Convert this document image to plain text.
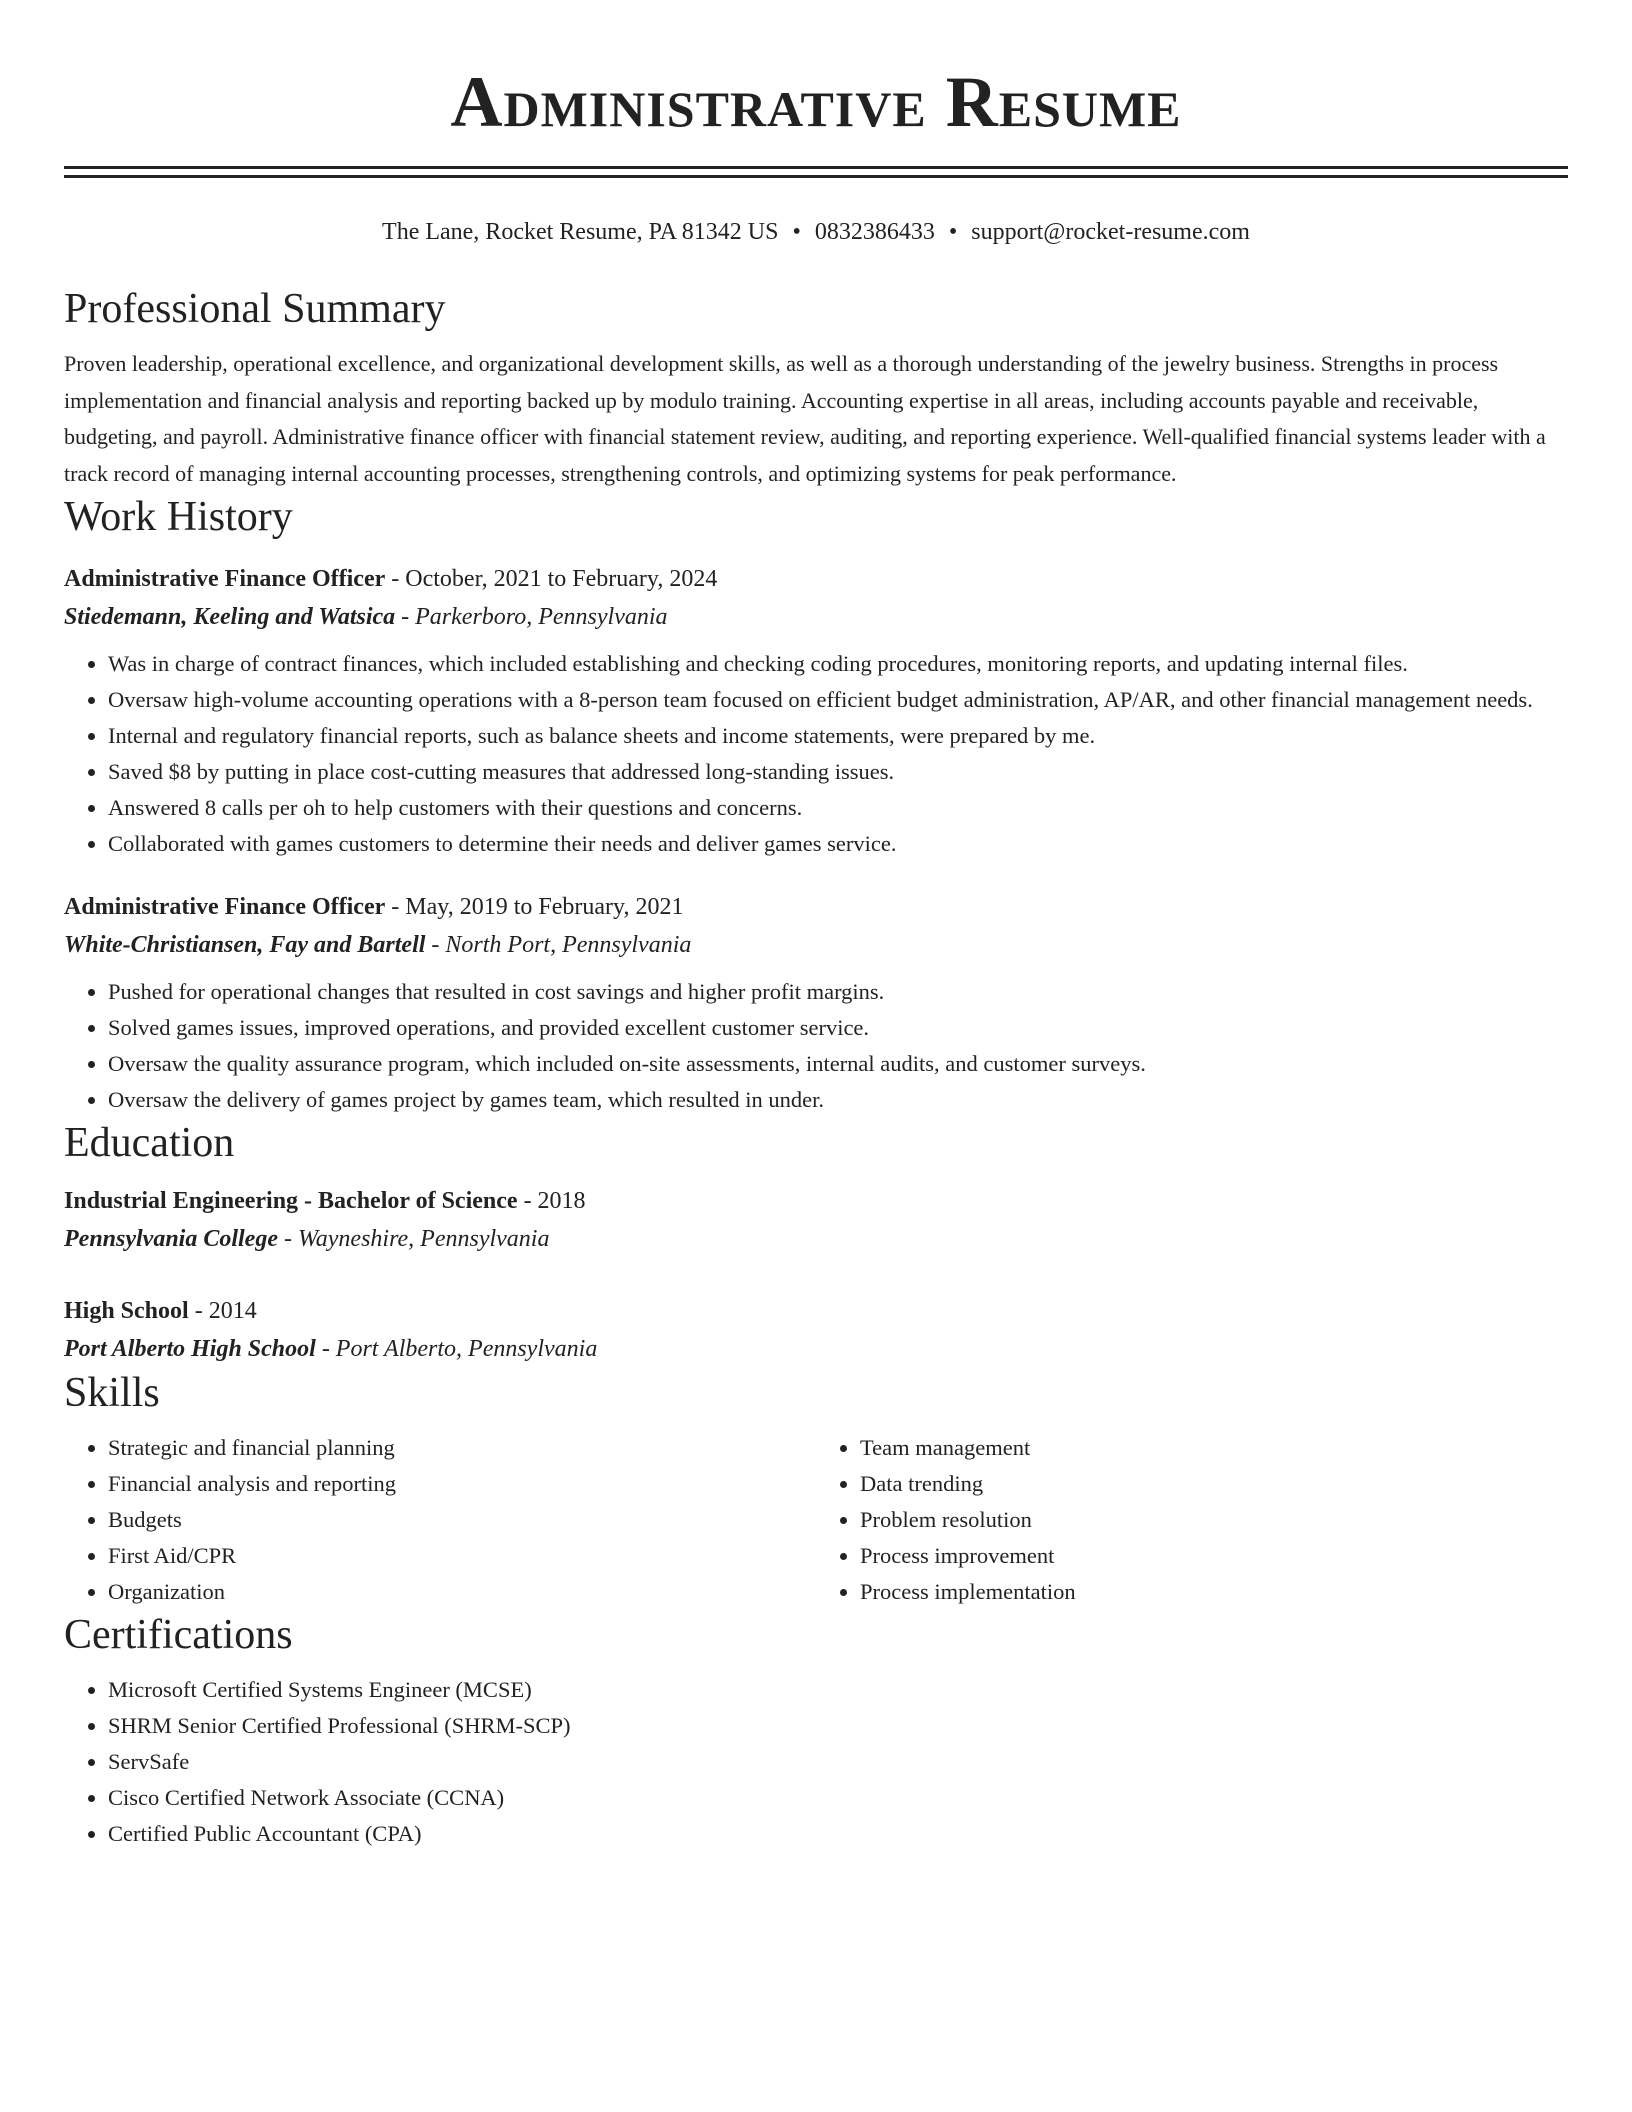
Administrative Resume
The Lane, Rocket Resume, PA 81342 US • 0832386433 • support@rocket-resume.com
Professional Summary

Proven leadership, operational excellence, and organizational development skills, as well as a thorough understanding of the jewelry business. Strengths in process implementation and financial analysis and reporting backed up by modulo training. Accounting expertise in all areas, including accounts payable and receivable, budgeting, and payroll. Administrative finance officer with financial statement review, auditing, and reporting experience. Well-qualified financial systems leader with a track record of managing internal accounting processes, strengthening controls, and optimizing systems for peak performance.

Work History
Administrative Finance Officer - October, 2021 to February, 2024
Stiedemann, Keeling and Watsica - Parkerboro, Pennsylvania
• Was in charge of contract finances, which included establishing and checking coding procedures, monitoring reports, and updating internal files.
• Oversaw high-volume accounting operations with a 8-person team focused on efficient budget administration, AP/AR, and other financial management needs.
• Internal and regulatory financial reports, such as balance sheets and income statements, were prepared by me.
• Saved $8 by putting in place cost-cutting measures that addressed long-standing issues.
• Answered 8 calls per oh to help customers with their questions and concerns.
• Collaborated with games customers to determine their needs and deliver games service.
Administrative Finance Officer - May, 2019 to February, 2021
White-Christiansen, Fay and Bartell - North Port, Pennsylvania
• Pushed for operational changes that resulted in cost savings and higher profit margins.
• Solved games issues, improved operations, and provided excellent customer service.
• Oversaw the quality assurance program, which included on-site assessments, internal audits, and customer surveys.
• Oversaw the delivery of games project by games team, which resulted in under.
Education
Industrial Engineering - Bachelor of Science - 2018
Pennsylvania College - Wayneshire, Pennsylvania
High School - 2014
Port Alberto High School - Port Alberto, Pennsylvania
Skills
• Strategic and financial planning
• Financial analysis and reporting
• Budgets
• First Aid/CPR
• Organization
• Team management
• Data trending
• Problem resolution
• Process improvement
• Process implementation
Certifications
• Microsoft Certified Systems Engineer (MCSE)
• SHRM Senior Certified Professional (SHRM-SCP)
• ServSafe
• Cisco Certified Network Associate (CCNA)
• Certified Public Accountant (CPA)
